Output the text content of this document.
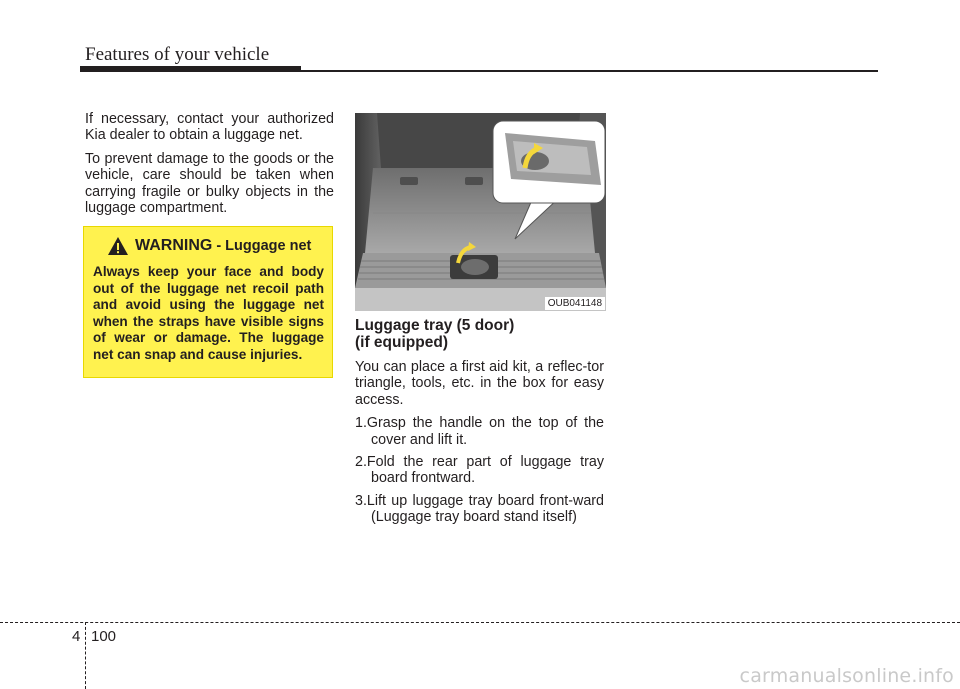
Features of your vehicle

If necessary, contact your authorized Kia dealer to obtain a luggage net.

To prevent damage to the goods or the vehicle, care should be taken when carrying fragile or bulky objects in the luggage compartment.

WARNING - Luggage net
Always keep your face and body out of the luggage net recoil path and avoid using the luggage net when the straps have visible signs of wear or damage. The luggage net can snap and cause injuries.
OUB041148
Luggage tray (5 door)
(if equipped)

You can place a first aid kit, a reflec-tor triangle, tools, etc. in the box for easy access.

1.Grasp the handle on the top of the cover and lift it.
2.Fold the rear part of luggage tray board frontward.
3.Lift up luggage tray board front-ward (Luggage tray board stand itself)
4 100
carmanualsonline.info
